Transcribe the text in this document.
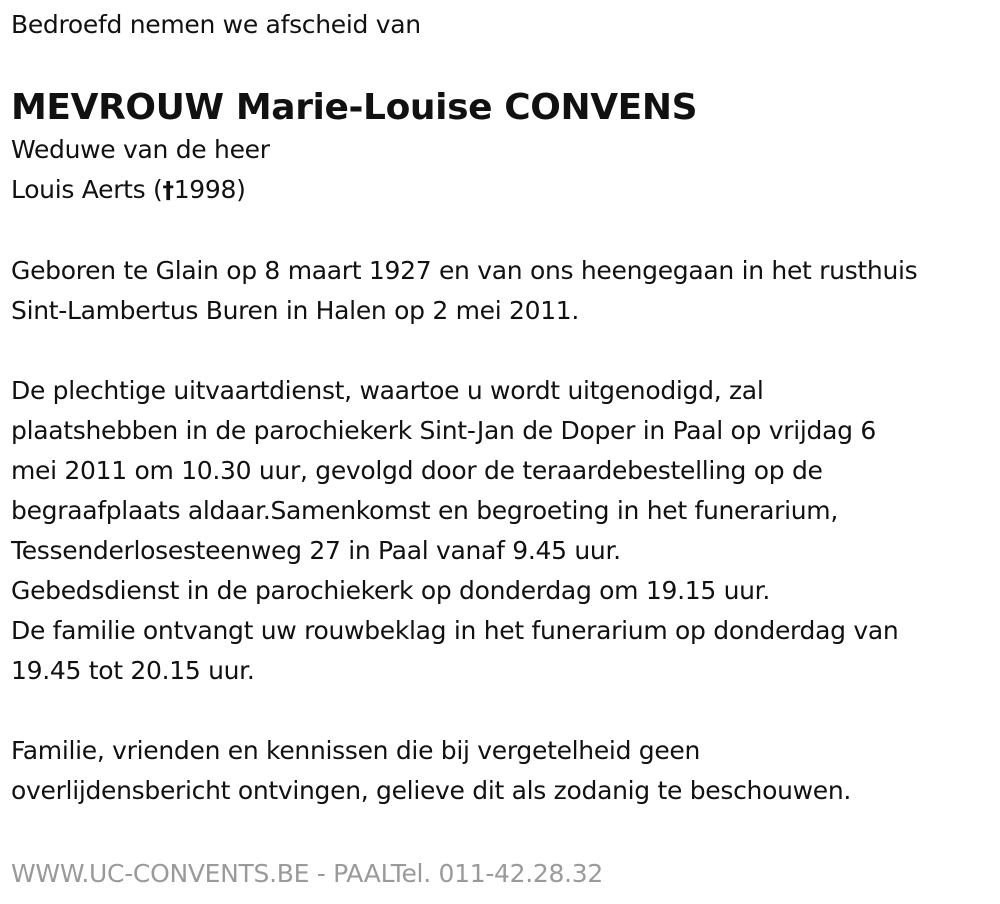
Bedroefd nemen we afscheid van
MEVROUW Marie-Louise CONVENS
Weduwe van de heer
Louis Aerts (†1998)
Geboren te Glain op 8 maart 1927 en van ons heengegaan in het rusthuis
Sint-Lambertus Buren in Halen op 2 mei 2011.
De plechtige uitvaartdienst, waartoe u wordt uitgenodigd, zal
plaatshebben in de parochiekerk Sint-Jan de Doper in Paal op vrijdag 6
mei 2011 om 10.30 uur, gevolgd door de teraardebestelling op de
begraafplaats aldaar.Samenkomst en begroeting in het funerarium,
Tessenderlosesteenweg 27 in Paal vanaf 9.45 uur.
Gebedsdienst in de parochiekerk op donderdag om 19.15 uur.
De familie ontvangt uw rouwbeklag in het funerarium op donderdag van
19.45 tot 20.15 uur.
Familie, vrienden en kennissen die bij vergetelheid geen
overlijdensbericht ontvingen, gelieve dit als zodanig te beschouwen.
WWW.UC-CONVENTS.BE - PAALTel. 011-42.28.32
